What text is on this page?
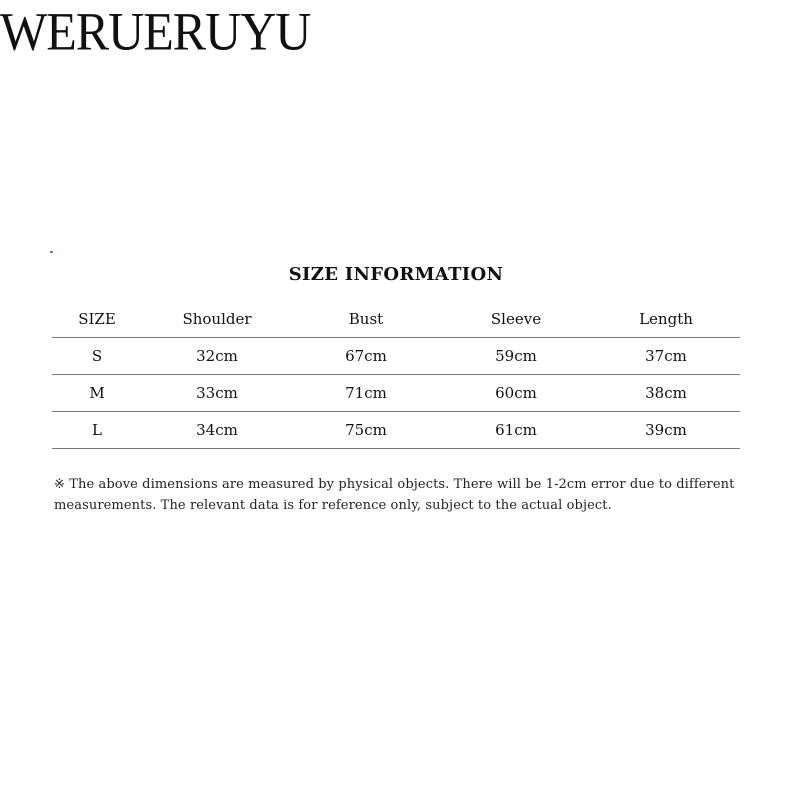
WERUERUYU
SIZE INFORMATION
SIZE	Shoulder	Bust	Sleeve	Length
S	32cm	67cm	59cm	37cm
M	33cm	71cm	60cm	38cm
L	34cm	75cm	61cm	39cm
※ The above dimensions are measured by physical objects. There will be 1-2cm error due to different measurements. The relevant data is for reference only, subject to the actual object.
